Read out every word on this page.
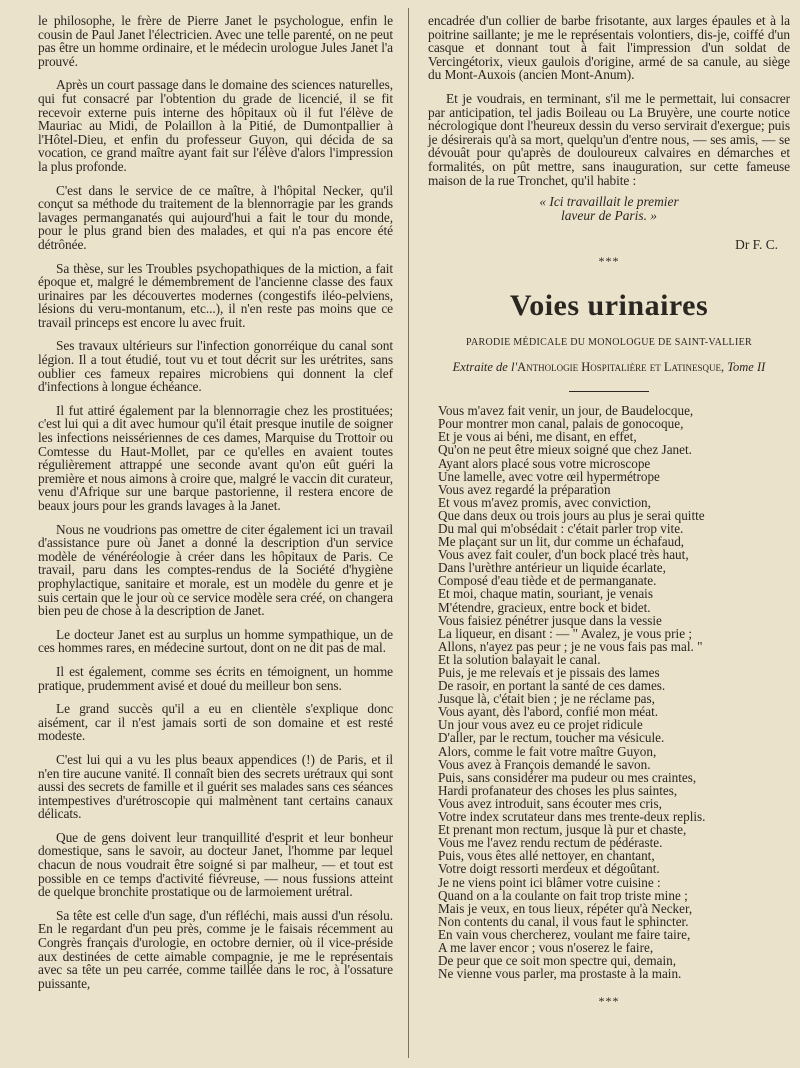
le philosophe, le frère de Pierre Janet le psychologue, enfin le cousin de Paul Janet l'électricien. Avec une telle parenté, on ne peut pas être un homme ordinaire, et le médecin urologue Jules Janet l'a prouvé.

Après un court passage dans le domaine des sciences naturelles, qui fut consacré par l'obtention du grade de licencié, il se fit recevoir externe puis interne des hôpitaux où il fut l'élève de Mauriac au Midi, de Polaillon à la Pitié, de Dumontpallier à l'Hôtel-Dieu, et enfin du professeur Guyon, qui décida de sa vocation, ce grand maître ayant fait sur l'élève d'alors l'impression la plus profonde.

C'est dans le service de ce maître, à l'hôpital Necker, qu'il conçut sa méthode du traitement de la blennorragie par les grands lavages permanganatés qui aujourd'hui a fait le tour du monde, pour le plus grand bien des malades, et qui n'a pas encore été détrônée.

Sa thèse, sur les Troubles psychopathiques de la miction, a fait époque et, malgré le démembrement de l'ancienne classe des faux urinaires par les découvertes modernes (congestifs iléo-pelviens, lésions du veru-montanum, etc...), il n'en reste pas moins que ce travail princeps est encore lu avec fruit.

Ses travaux ultérieurs sur l'infection gonorréique du canal sont légion. Il a tout étudié, tout vu et tout décrit sur les urétrites, sans oublier ces fameux repaires microbiens qui donnent la clef d'infections à longue échéance.

Il fut attiré également par la blennorragie chez les prostituées; c'est lui qui a dit avec humour qu'il était presque inutile de soigner les infections neissériennes de ces dames, Marquise du Trottoir ou Comtesse du Haut-Mollet, par ce qu'elles en avaient toutes régulièrement attrappé une seconde avant qu'on eût guéri la première et nous aimons à croire que, malgré le vaccin dit curateur, venu d'Afrique sur une barque pastorienne, il restera encore de beaux jours pour les grands lavages à la Janet.

Nous ne voudrions pas omettre de citer également ici un travail d'assistance pure où Janet a donné la description d'un service modèle de vénéréologie à créer dans les hôpitaux de Paris. Ce travail, paru dans les comptes-rendus de la Société d'hygiène prophylactique, sanitaire et morale, est un modèle du genre et je suis certain que le jour où ce service modèle sera créé, on changera bien peu de chose à la description de Janet.

Le docteur Janet est au surplus un homme sympathique, un de ces hommes rares, en médecine surtout, dont on ne dit pas de mal.

Il est également, comme ses écrits en témoignent, un homme pratique, prudemment avisé et doué du meilleur bon sens.

Le grand succès qu'il a eu en clientèle s'explique donc aisément, car il n'est jamais sorti de son domaine et est resté modeste.

C'est lui qui a vu les plus beaux appendices (!) de Paris, et il n'en tire aucune vanité. Il connaît bien des secrets urétraux qui sont aussi des secrets de famille et il guérit ses malades sans ces séances intempestives d'urétroscopie qui malmènent tant certains canaux délicats.

Que de gens doivent leur tranquillité d'esprit et leur bonheur domestique, sans le savoir, au docteur Janet, l'homme par lequel chacun de nous voudrait être soigné si par malheur, — et tout est possible en ce temps d'activité fiévreuse, — nous fussions atteint de quelque bronchite prostatique ou de larmoiement urétral.

Sa tête est celle d'un sage, d'un réfléchi, mais aussi d'un résolu. En le regardant d'un peu près, comme je le faisais récemment au Congrès français d'urologie, en octobre dernier, où il vice-préside aux destinées de cette aimable compagnie, je me le représentais avec sa tête un peu carrée, comme taillée dans le roc, à l'ossature puissante,

encadrée d'un collier de barbe frisotante, aux larges épaules et à la poitrine saillante; je me le représentais volontiers, dis-je, coiffé d'un casque et donnant tout à fait l'impression d'un soldat de Vercingétorix, vieux gaulois d'origine, armé de sa canule, au siège du Mont-Auxois (ancien Mont-Anum).

Et je voudrais, en terminant, s'il me le permettait, lui consacrer par anticipation, tel jadis Boileau ou La Bruyère, une courte notice nécrologique dont l'heureux dessin du verso servirait d'exergue; puis je désirerais qu'à sa mort, quelqu'un d'entre nous, — ses amis, — se dévouât pour qu'après de douloureux calvaires en démarches et formalités, on pût mettre, sans inauguration, sur cette fameuse maison de la rue Tronchet, qu'il habite :

« Ici travaillait le premier

laveur de Paris. »

Dr F. C.

***

Voies urinaires

PARODIE MÉDICALE DU MONOLOGUE DE SAINT-VALLIER

Extraite de l'Anthologie Hospitalière et Latinesque, Tome II

Vous m'avez fait venir, un jour, de Baudelocque,
Pour montrer mon canal, palais de gonocoque,
Et je vous ai béni, me disant, en effet,
Qu'on ne peut être mieux soigné que chez Janet.
Ayant alors placé sous votre microscope
Une lamelle, avec votre œil hypermétrope
Vous avez regardé la préparation
Et vous m'avez promis, avec conviction,
Que dans deux ou trois jours au plus je serai quitte
Du mal qui m'obsédait : c'était parler trop vite.
Me plaçant sur un lit, dur comme un échafaud,
Vous avez fait couler, d'un bock placé très haut,
Dans l'urèthre antérieur un liquide écarlate,
Composé d'eau tiède et de permanganate.
Et moi, chaque matin, souriant, je venais
M'étendre, gracieux, entre bock et bidet.
Vous faisiez pénétrer jusque dans la vessie
La liqueur, en disant : — " Avalez, je vous prie ;
Allons, n'ayez pas peur ; je ne vous fais pas mal. "
Et la solution balayait le canal.
Puis, je me relevais et je pissais des lames
De rasoir, en portant la santé de ces dames.
Jusque là, c'était bien ; je ne réclame pas,
Vous ayant, dès l'abord, confié mon méat.
Un jour vous avez eu ce projet ridicule
D'aller, par le rectum, toucher ma vésicule.
Alors, comme le fait votre maître Guyon,
Vous avez à François demandé le savon.
Puis, sans considérer ma pudeur ou mes craintes,
Hardi profanateur des choses les plus saintes,
Vous avez introduit, sans écouter mes cris,
Votre index scrutateur dans mes trente-deux replis.
Et prenant mon rectum, jusque là pur et chaste,
Vous me l'avez rendu rectum de pédéraste.
Puis, vous êtes allé nettoyer, en chantant,
Votre doigt ressorti merdeux et dégoûtant.
Je ne viens point ici blâmer votre cuisine :
Quand on a la coulante on fait trop triste mine ;
Mais je veux, en tous lieux, répéter qu'à Necker,
Non contents du canal, il vous faut le sphincter.
En vain vous chercherez, voulant me faire taire,
A me laver encor ; vous n'oserez le faire,
De peur que ce soit mon spectre qui, demain,
Ne vienne vous parler, ma prostaste à la main.

***
